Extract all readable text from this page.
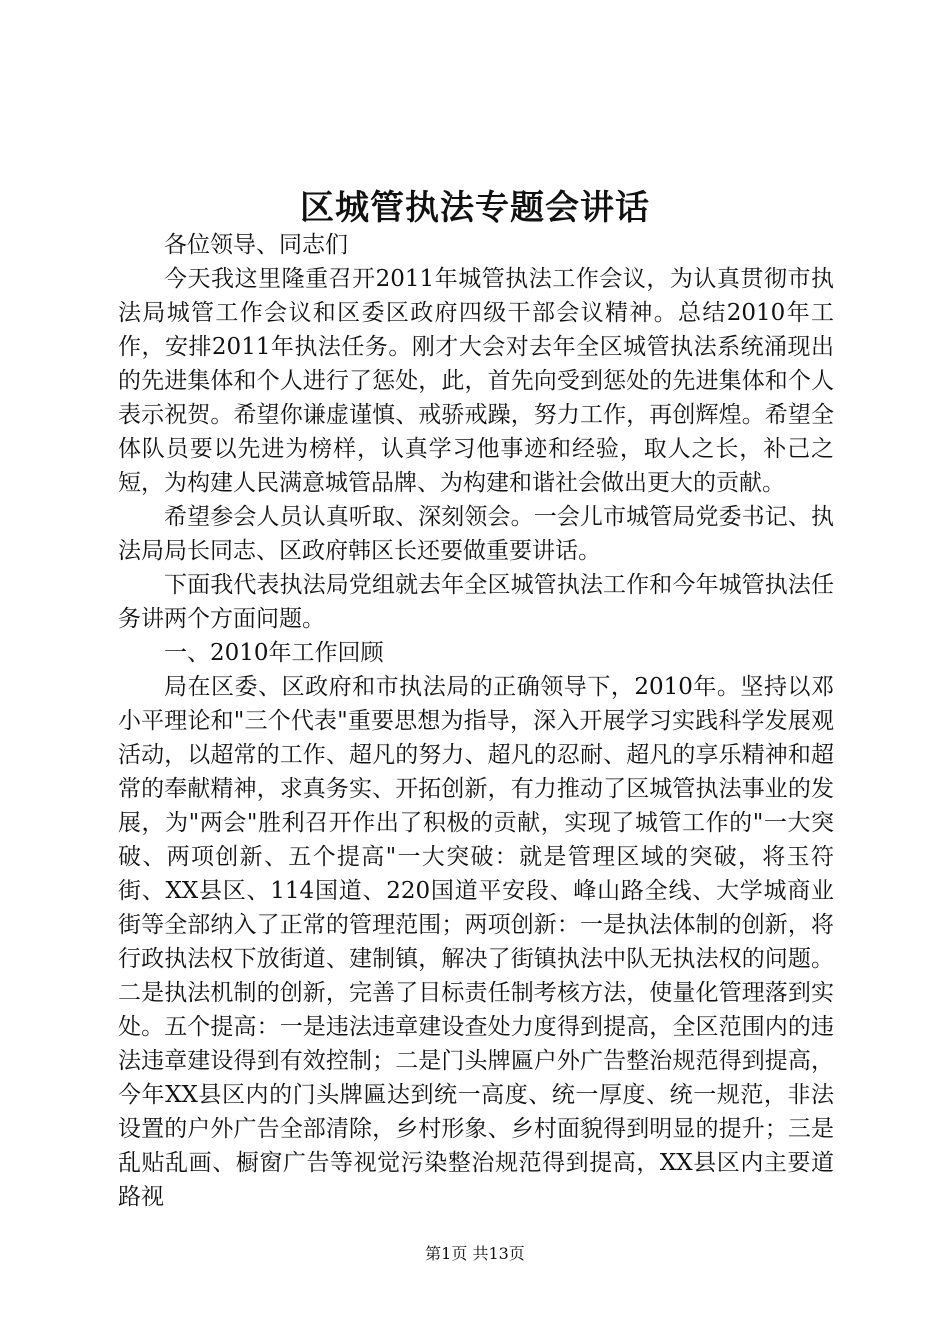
区城管执法专题会讲话

各位领导、同志们

今天我这里隆重召开2011年城管执法工作会议，为认真贯彻市执法局城管工作会议和区委区政府四级干部会议精神。总结2010年工作，安排2011年执法任务。刚才大会对去年全区城管执法系统涌现出的先进集体和个人进行了惩处，此，首先向受到惩处的先进集体和个人表示祝贺。希望你谦虚谨慎、戒骄戒躁，努力工作，再创辉煌。希望全体队员要以先进为榜样，认真学习他事迹和经验，取人之长，补己之短，为构建人民满意城管品牌、为构建和谐社会做出更大的贡献。

希望参会人员认真听取、深刻领会。一会儿市城管局党委书记、执法局局长同志、区政府韩区长还要做重要讲话。

下面我代表执法局党组就去年全区城管执法工作和今年城管执法任务讲两个方面问题。

一、2010年工作回顾

局在区委、区政府和市执法局的正确领导下，2010年。坚持以邓小平理论和"三个代表"重要思想为指导，深入开展学习实践科学发展观活动，以超常的工作、超凡的努力、超凡的忍耐、超凡的享乐精神和超常的奉献精神，求真务实、开拓创新，有力推动了区城管执法事业的发展，为"两会"胜利召开作出了积极的贡献，实现了城管工作的"一大突破、两项创新、五个提高"一大突破：就是管理区域的突破，将玉符街、XX县区、114国道、220国道平安段、峰山路全线、大学城商业街等全部纳入了正常的管理范围；两项创新：一是执法体制的创新，将行政执法权下放街道、建制镇，解决了街镇执法中队无执法权的问题。二是执法机制的创新，完善了目标责任制考核方法，使量化管理落到实处。五个提高：一是违法违章建设查处力度得到提高，全区范围内的违法违章建设得到有效控制；二是门头牌匾户外广告整治规范得到提高，今年XX县区内的门头牌匾达到统一高度、统一厚度、统一规范，非法设置的户外广告全部清除，乡村形象、乡村面貌得到明显的提升；三是乱贴乱画、橱窗广告等视觉污染整治规范得到提高，XX县区内主要道路视

第1页 共13页
